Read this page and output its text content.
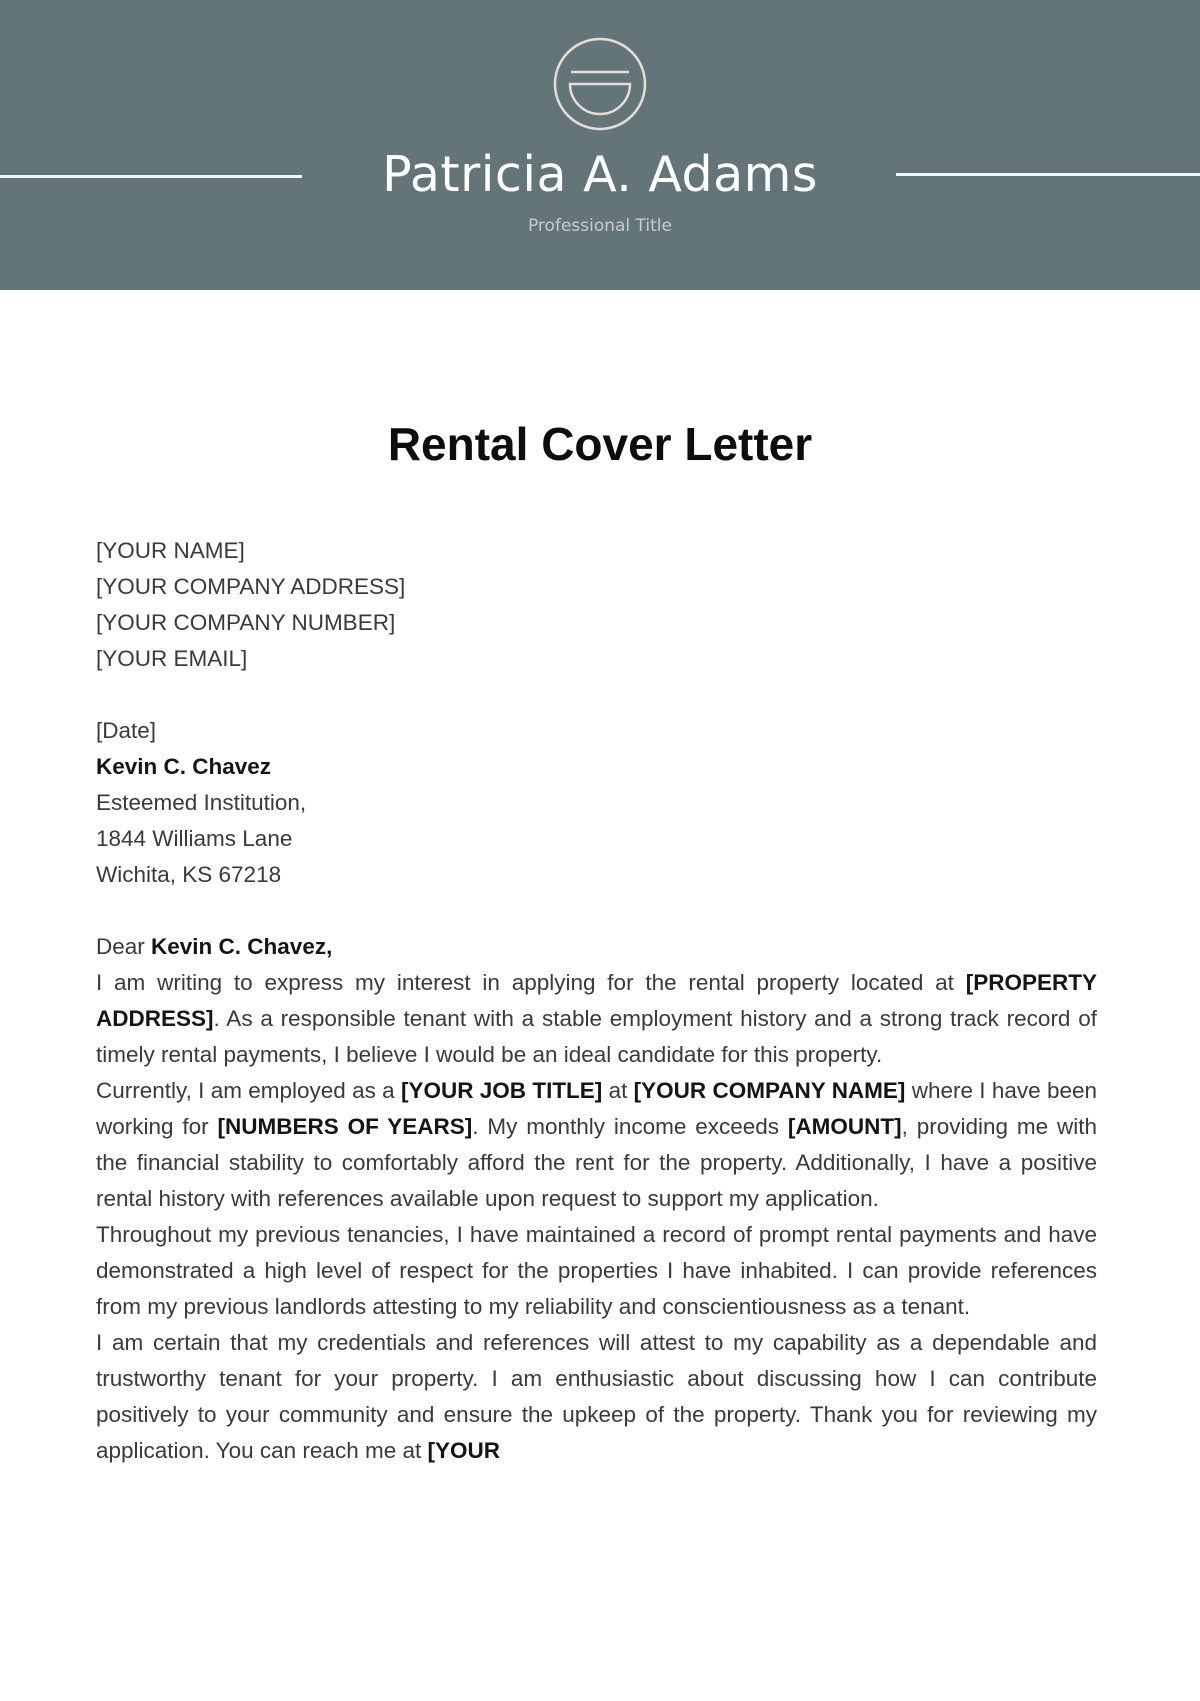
Patricia A. Adams
Professional Title
Rental Cover Letter

[YOUR NAME]

[YOUR COMPANY ADDRESS]

[YOUR COMPANY NUMBER]

[YOUR EMAIL]

[Date]

Kevin C. Chavez

Esteemed Institution,

1844 Williams Lane

Wichita, KS 67218

Dear Kevin C. Chavez,

I am writing to express my interest in applying for the rental property located at [PROPERTY ADDRESS]. As a responsible tenant with a stable employment history and a strong track record of timely rental payments, I believe I would be an ideal candidate for this property.

Currently, I am employed as a [YOUR JOB TITLE] at [YOUR COMPANY NAME] where I have been working for [NUMBERS OF YEARS]. My monthly income exceeds [AMOUNT], providing me with the financial stability to comfortably afford the rent for the property. Additionally, I have a positive rental history with references available upon request to support my application.

Throughout my previous tenancies, I have maintained a record of prompt rental payments and have demonstrated a high level of respect for the properties I have inhabited. I can provide references from my previous landlords attesting to my reliability and conscientiousness as a tenant.

I am certain that my credentials and references will attest to my capability as a dependable and trustworthy tenant for your property. I am enthusiastic about discussing how I can contribute positively to your community and ensure the upkeep of the property. Thank you for reviewing my application. You can reach me at [YOUR
